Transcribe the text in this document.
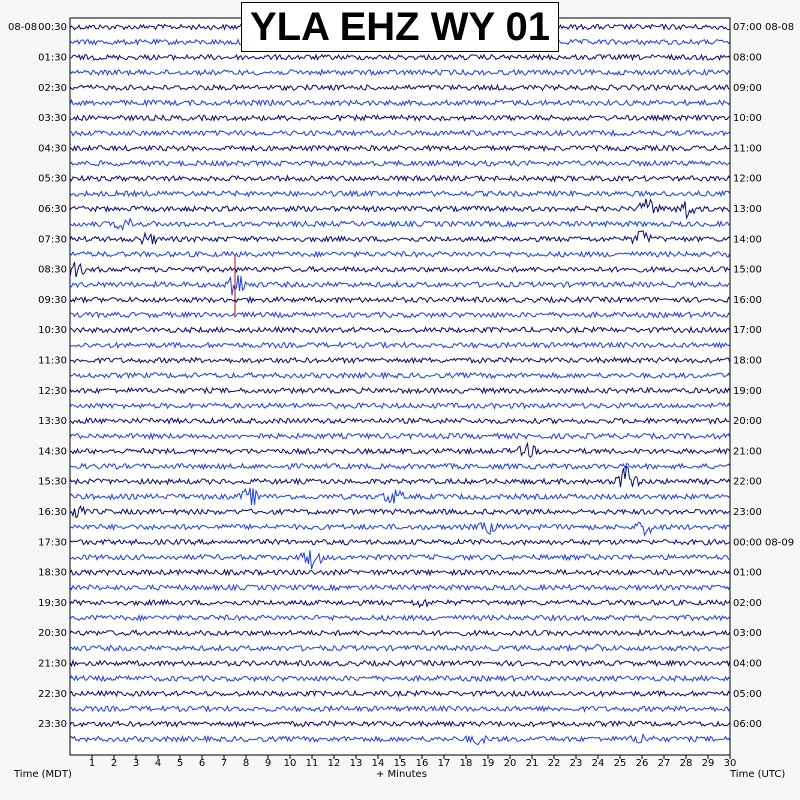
1 2 3 4 5 6 7 8 9 10 11 12 13 14 15 16 17 18 19 20 21 22 23 24 25 26 27 28 29 30
00:30
01:30
02:30
03:30
04:30
05:30
06:30
07:30
08:30
09:30
10:30
11:30
12:30
13:30
14:30
15:30
16:30
17:30
18:30
19:30
20:30
21:30
22:30
23:30
07:00
08:00
09:00
10:00
11:00
12:00
13:00
14:00
15:00
16:00
17:00
18:00
19:00
20:00
21:00
22:00
23:00
00:00 08-09
01:00
02:00
03:00
04:00
05:00
06:00
08-08	08-08
Time (MDT)	+ Minutes	Time (UTC)
YLA EHZ WY 01
